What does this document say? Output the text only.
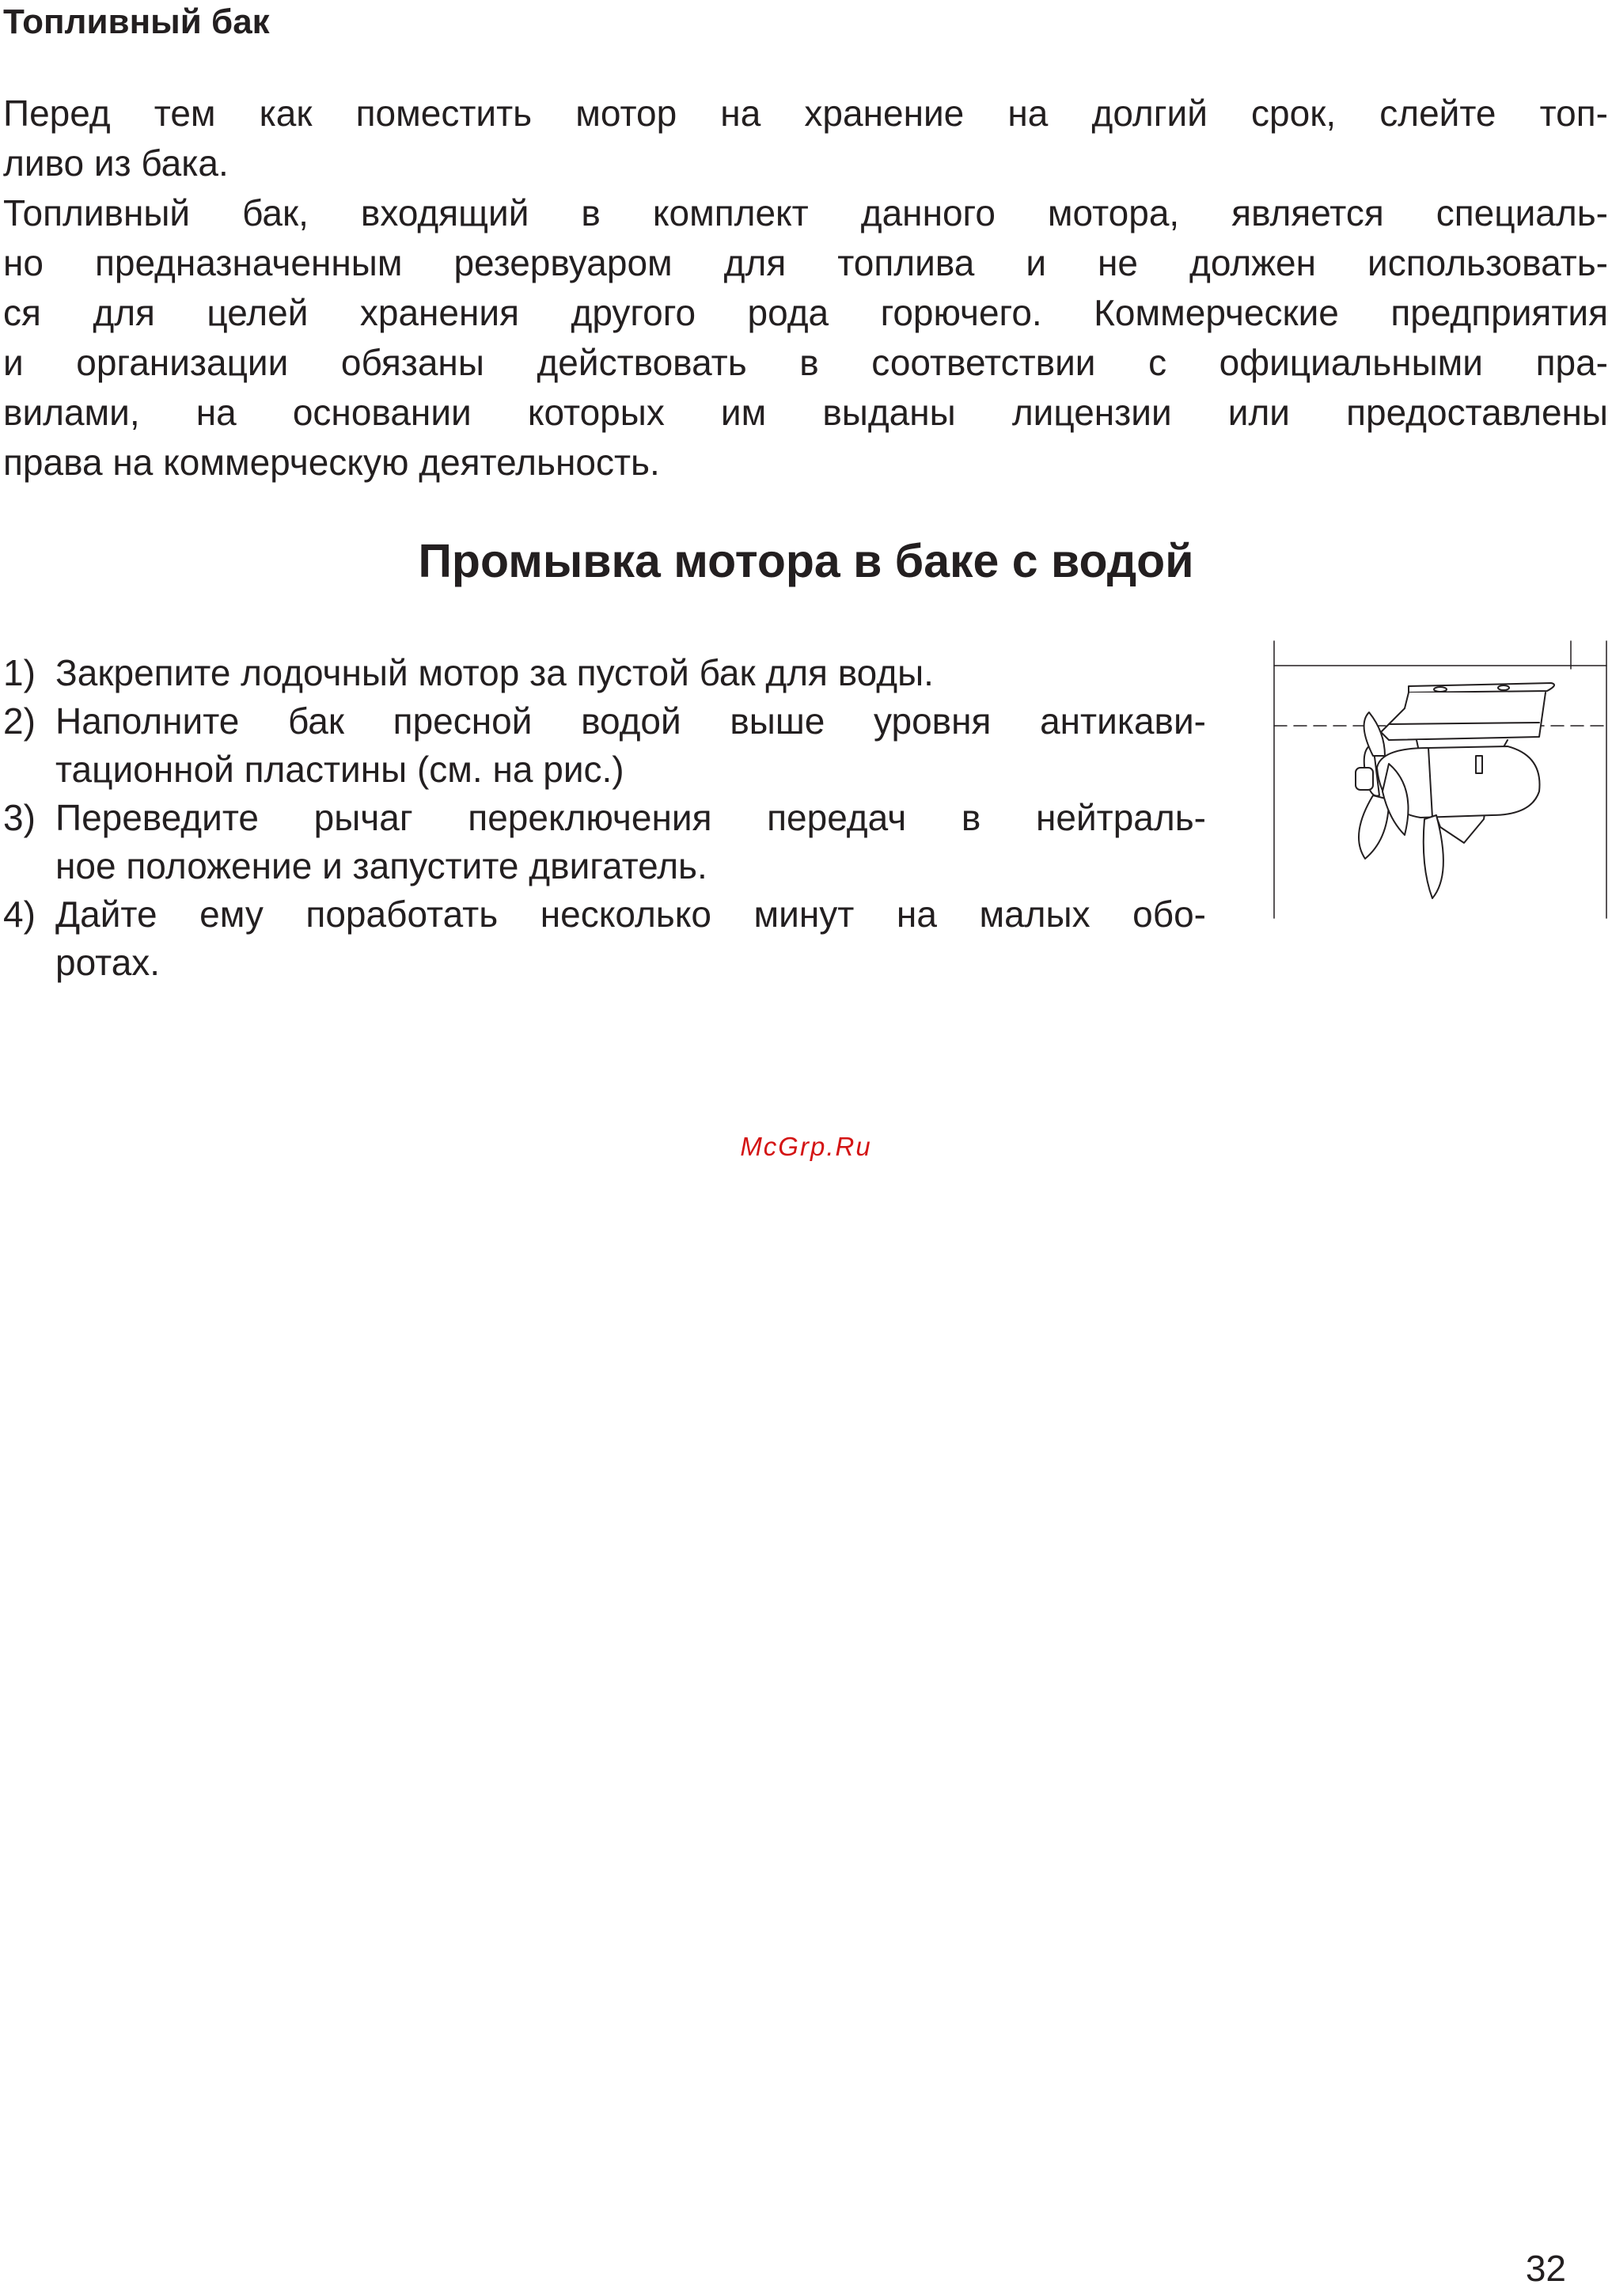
Топливный бак

Перед тем как поместить мотор на хранение на долгий срок, слейте топ-
ливо из бака.

Топливный бак, входящий в комплект данного мотора, является специаль-
но предназначенным резервуаром для топлива и не должен использовать-
ся для целей хранения другого рода горючего. Коммерческие предприятия
и организации обязаны действовать в соответствии с официальными пра-
вилами, на основании которых им выданы лицензии или предоставлены
права на коммерческую деятельность.

Промывка мотора в баке с водой
1) Закрепите лодочный мотор за пустой бак для воды.
2) Наполните бак пресной водой выше уровня антикави-
тационной пластины (см. на рис.)
3) Переведите рычаг переключения передач в нейтраль-
ное положение и запустите двигатель.
4) Дайте ему поработать несколько минут на малых обо-
ротах.
McGrp.Ru
32
